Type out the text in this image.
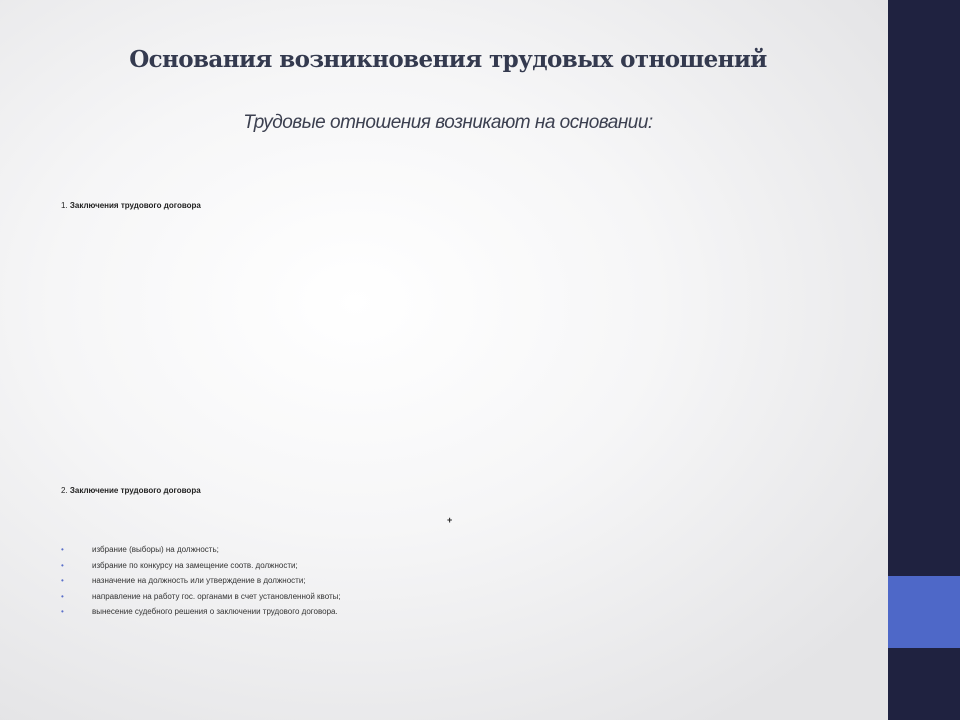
Основания возникновения трудовых отношений

Трудовые отношения возникают на основании:

1. Заключения трудового договора
2. Заключение трудового договора
+
•	избрание (выборы) на должность;
•	избрание по конкурсу на замещение соотв. должности;
•	назначение на должность или утверждение в должности;
•	направление на работу гос. органами в счет установленной квоты;
•	вынесение судебного решения о заключении трудового договора.
